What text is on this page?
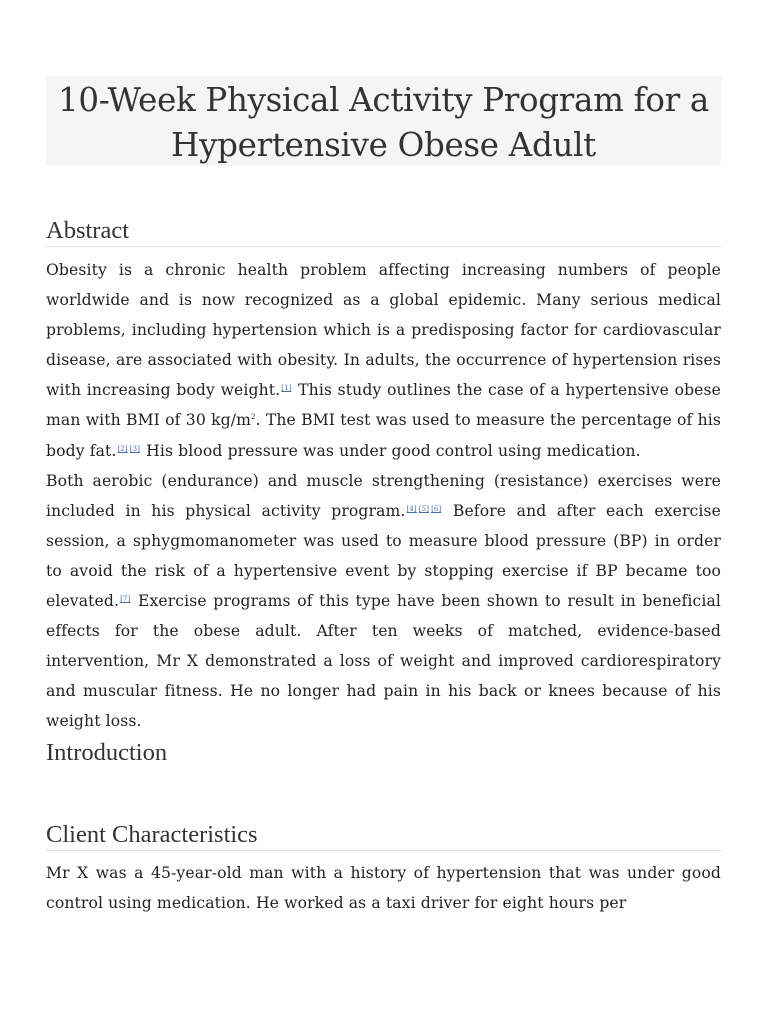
10-Week Physical Activity Program for a Hypertensive Obese Adult
Abstract

Obesity is a chronic health problem affecting increasing numbers of people worldwide and is now recognized as a global epidemic. Many serious medical problems, including hypertension which is a predisposing factor for cardiovascular disease, are associated with obesity. In adults, the occurrence of hypertension rises with increasing body weight.[1] This study outlines the case of a hypertensive obese man with BMI of 30 $kg/m^2$. The BMI test was used to measure the percentage of his body fat.[2] [3] His blood pressure was under good control using medication.

Both aerobic (endurance) and muscle strengthening (resistance) exercises were included in his physical activity program.[4] [5] [6] Before and after each exercise session, a sphygmomanometer was used to measure blood pressure (BP) in order to avoid the risk of a hypertensive event by stopping exercise if BP became too elevated.[7] Exercise programs of this type have been shown to result in beneficial effects for the obese adult. After ten weeks of matched, evidence-based intervention, Mr X demonstrated a loss of weight and improved cardiorespiratory and muscular fitness. He no longer had pain in his back or knees because of his weight loss.

Introduction
Client Characteristics

Mr X was a 45-year-old man with a history of hypertension that was under good control using medication. He worked as a taxi driver for eight hours per
